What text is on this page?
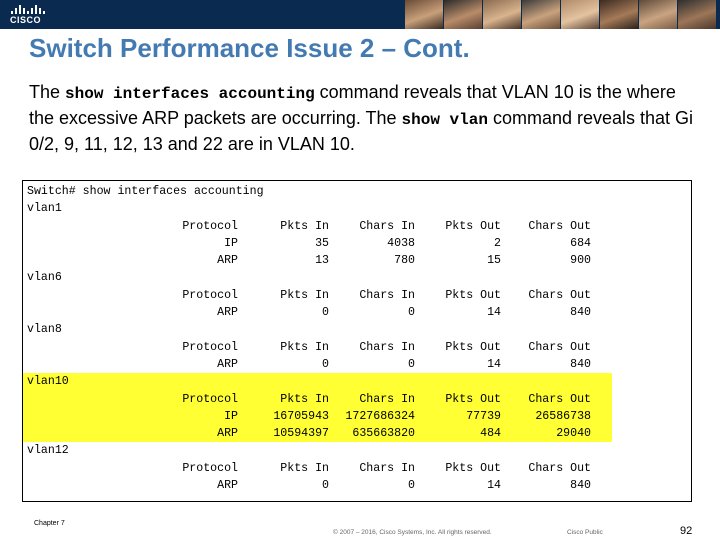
CISCO
Switch Performance Issue 2 – Cont.
The show interfaces accounting command reveals that VLAN 10 is the where the excessive ARP packets are occurring. The show vlan command reveals that Gi 0/2, 9, 11, 12, 13 and 22 are in VLAN 10.
Switch# show interfaces accounting
vlan1
Protocol	Pkts In	Chars In	Pkts Out Chars Out
IP	35	4038	2	684
ARP	13	780	15	900
vlan6
Protocol	Pkts In	Chars In	Pkts Out Chars Out
ARP	0	0	14	840
vlan8
Protocol	Pkts In	Chars In	Pkts Out Chars Out
ARP	0	0	14	840
vlan10
Protocol	Pkts In	Chars In	Pkts Out Chars Out
IP	16705943 1727686324	77739	26586738
ARP	10594397 635663820	484	29040
vlan12
Protocol	Pkts In	Chars In	Pkts Out Chars Out
ARP	0	0	14	840
Chapter 7
© 2007 – 2016, Cisco Systems, Inc. All rights reserved.	Cisco Public	92
